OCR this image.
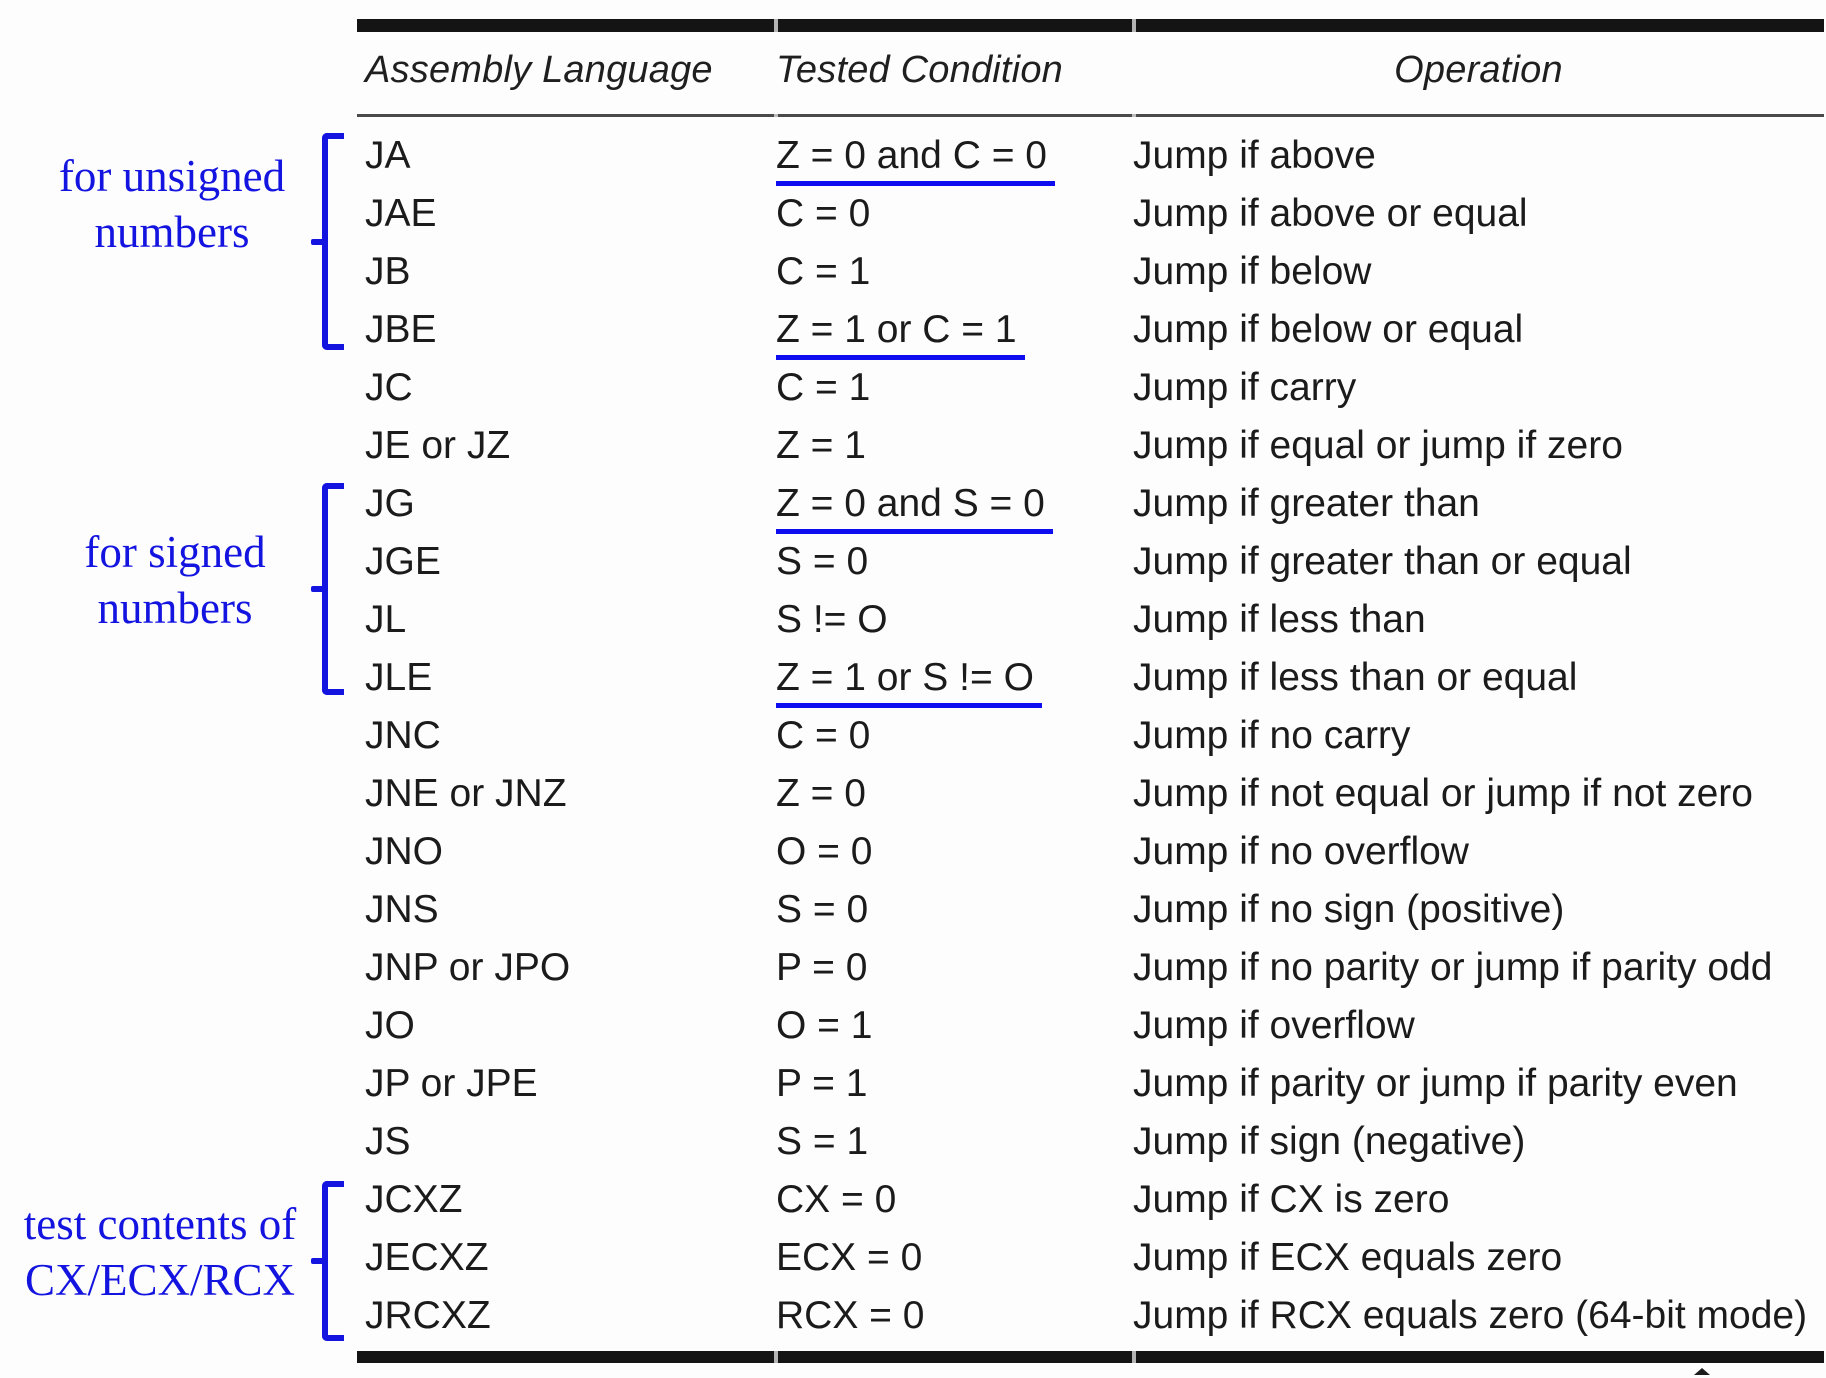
for unsigned
numbers
for signed
numbers
test contents of
CX/ECX/RCX
Assembly Language	Tested Condition	Operation
JA	Z = 0 and C = 0	Jump if above
JAE	C = 0	Jump if above or equal
JB	C = 1	Jump if below
JBE	Z = 1 or C = 1	Jump if below or equal
JC	C = 1	Jump if carry
JE or JZ	Z = 1	Jump if equal or jump if zero
JG	Z = 0 and S = 0	Jump if greater than
JGE	S = 0	Jump if greater than or equal
JL	S != O	Jump if less than
JLE	Z = 1 or S != O	Jump if less than or equal
JNC	C = 0	Jump if no carry
JNE or JNZ	Z = 0	Jump if not equal or jump if not zero
JNO	O = 0	Jump if no overflow
JNS	S = 0	Jump if no sign (positive)
JNP or JPO	P = 0	Jump if no parity or jump if parity odd
JO	O = 1	Jump if overflow
JP or JPE	P = 1	Jump if parity or jump if parity even
JS	S = 1	Jump if sign (negative)
JCXZ	CX = 0	Jump if CX is zero
JECXZ	ECX = 0	Jump if ECX equals zero
JRCXZ	RCX = 0	Jump if RCX equals zero (64-bit mode)
